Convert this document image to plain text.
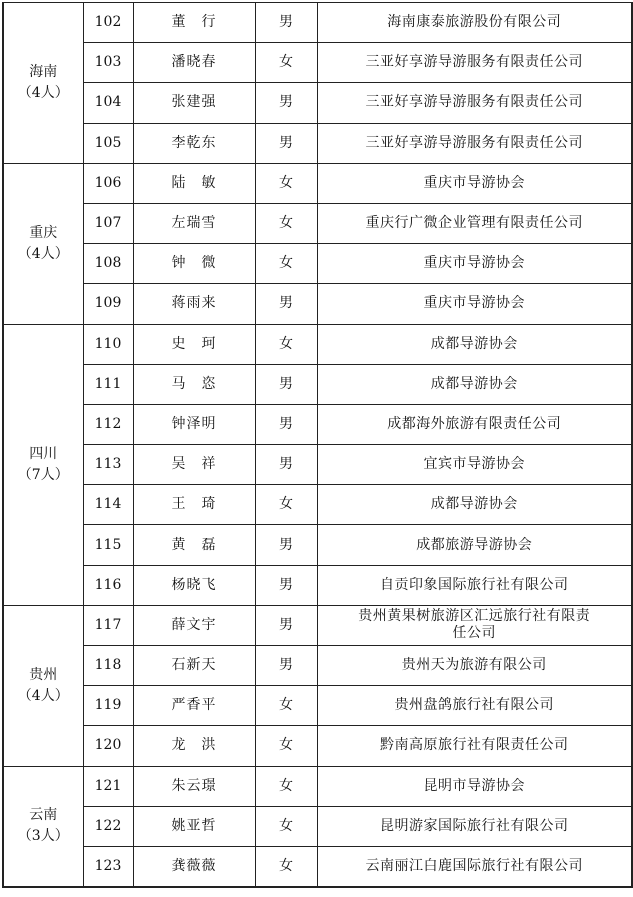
海南
（4人）	102	董　行	男	海南康泰旅游股份有限公司
	103	潘晓春	女	三亚好享游导游服务有限责任公司
	104	张建强	男	三亚好享游导游服务有限责任公司
	105	李乾东	男	三亚好享游导游服务有限责任公司

重庆
（4人）	106	陆　敏	女	重庆市导游协会
	107	左瑞雪	女	重庆行广微企业管理有限责任公司
	108	钟　微	女	重庆市导游协会
	109	蒋雨来	男	重庆市导游协会

四川
（7人）	110	史　珂	女	成都导游协会
	111	马　恣	男	成都导游协会
	112	钟泽明	男	成都海外旅游有限责任公司
	113	吴　祥	男	宜宾市导游协会
	114	王　琦	女	成都导游协会
	115	黄　磊	男	成都旅游导游协会
	116	杨晓飞	男	自贡印象国际旅行社有限公司

贵州
（4人）	117	薛文宇	男	贵州黄果树旅游区汇远旅行社有限责任公司
	118	石新天	男	贵州天为旅游有限公司
	119	严香平	女	贵州盘鸽旅行社有限公司
	120	龙　洪	女	黔南高原旅行社有限责任公司

云南
（3人）	121	朱云璟	女	昆明市导游协会
	122	姚亚哲	女	昆明游家国际旅行社有限公司
	123	龚薇薇	女	云南丽江白鹿国际旅行社有限公司
